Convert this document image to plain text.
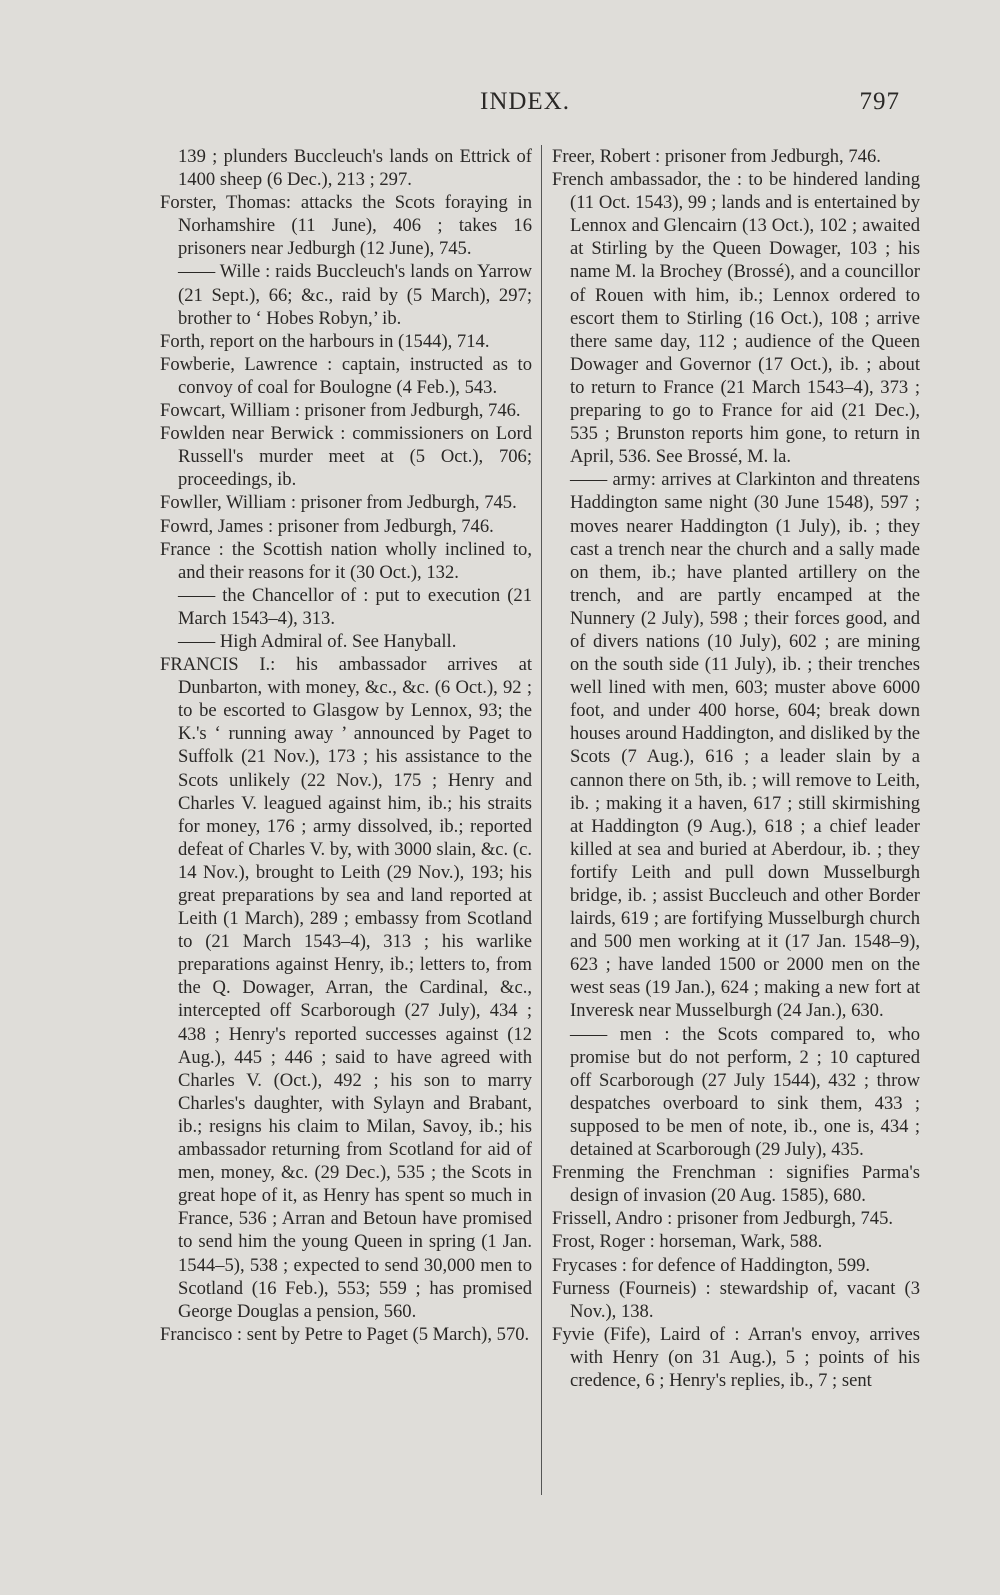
INDEX.	797

139 ; plunders Buccleuch's lands on Ettrick of 1400 sheep (6 Dec.), 213 ; 297.

Forster, Thomas: attacks the Scots foraying in Norhamshire (11 June), 406 ; takes 16 prisoners near Jedburgh (12 June), 745.

—— Wille : raids Buccleuch's lands on Yarrow (21 Sept.), 66; &c., raid by (5 March), 297; brother to ‘ Hobes Robyn,’ ib.

Forth, report on the harbours in (1544), 714.

Fowberie, Lawrence : captain, instructed as to convoy of coal for Boulogne (4 Feb.), 543.

Fowcart, William : prisoner from Jedburgh, 746.

Fowlden near Berwick : commissioners on Lord Russell's murder meet at (5 Oct.), 706; proceedings, ib.

Fowller, William : prisoner from Jedburgh, 745.

Fowrd, James : prisoner from Jedburgh, 746.

France : the Scottish nation wholly inclined to, and their reasons for it (30 Oct.), 132.

—— the Chancellor of : put to execution (21 March 1543–4), 313.

—— High Admiral of. See Hanyball.

FRANCIS I.: his ambassador arrives at Dunbarton, with money, &c., &c. (6 Oct.), 92 ; to be escorted to Glasgow by Lennox, 93; the K.'s ‘ running away ’ announced by Paget to Suffolk (21 Nov.), 173 ; his assistance to the Scots unlikely (22 Nov.), 175 ; Henry and Charles V. leagued against him, ib.; his straits for money, 176 ; army dissolved, ib.; reported defeat of Charles V. by, with 3000 slain, &c. (c. 14 Nov.), brought to Leith (29 Nov.), 193; his great preparations by sea and land reported at Leith (1 March), 289 ; embassy from Scotland to (21 March 1543–4), 313 ; his warlike preparations against Henry, ib.; letters to, from the Q. Dowager, Arran, the Cardinal, &c., intercepted off Scarborough (27 July), 434 ; 438 ; Henry's reported successes against (12 Aug.), 445 ; 446 ; said to have agreed with Charles V. (Oct.), 492 ; his son to marry Charles's daughter, with Sylayn and Brabant, ib.; resigns his claim to Milan, Savoy, ib.; his ambassador returning from Scotland for aid of men, money, &c. (29 Dec.), 535 ; the Scots in great hope of it, as Henry has spent so much in France, 536 ; Arran and Betoun have promised to send him the young Queen in spring (1 Jan. 1544–5), 538 ; expected to send 30,000 men to Scotland (16 Feb.), 553; 559 ; has promised George Douglas a pension, 560.

Francisco : sent by Petre to Paget (5 March), 570.

Freer, Robert : prisoner from Jedburgh, 746.

French ambassador, the : to be hindered landing (11 Oct. 1543), 99 ; lands and is entertained by Lennox and Glencairn (13 Oct.), 102 ; awaited at Stirling by the Queen Dowager, 103 ; his name M. la Brochey (Brossé), and a councillor of Rouen with him, ib.; Lennox ordered to escort them to Stirling (16 Oct.), 108 ; arrive there same day, 112 ; audience of the Queen Dowager and Governor (17 Oct.), ib. ; about to return to France (21 March 1543–4), 373 ; preparing to go to France for aid (21 Dec.), 535 ; Brunston reports him gone, to return in April, 536. See Brossé, M. la.

—— army: arrives at Clarkinton and threatens Haddington same night (30 June 1548), 597 ; moves nearer Haddington (1 July), ib. ; they cast a trench near the church and a sally made on them, ib.; have planted artillery on the trench, and are partly encamped at the Nunnery (2 July), 598 ; their forces good, and of divers nations (10 July), 602 ; are mining on the south side (11 July), ib. ; their trenches well lined with men, 603; muster above 6000 foot, and under 400 horse, 604; break down houses around Haddington, and disliked by the Scots (7 Aug.), 616 ; a leader slain by a cannon there on 5th, ib. ; will remove to Leith, ib. ; making it a haven, 617 ; still skirmishing at Haddington (9 Aug.), 618 ; a chief leader killed at sea and buried at Aberdour, ib. ; they fortify Leith and pull down Musselburgh bridge, ib. ; assist Buccleuch and other Border lairds, 619 ; are fortifying Musselburgh church and 500 men working at it (17 Jan. 1548–9), 623 ; have landed 1500 or 2000 men on the west seas (19 Jan.), 624 ; making a new fort at Inveresk near Musselburgh (24 Jan.), 630.

—— men : the Scots compared to, who promise but do not perform, 2 ; 10 captured off Scarborough (27 July 1544), 432 ; throw despatches overboard to sink them, 433 ; supposed to be men of note, ib., one is, 434 ; detained at Scarborough (29 July), 435.

Frenming the Frenchman : signifies Parma's design of invasion (20 Aug. 1585), 680.

Frissell, Andro : prisoner from Jedburgh, 745.

Frost, Roger : horseman, Wark, 588.

Frycases : for defence of Haddington, 599.

Furness (Fourneis) : stewardship of, vacant (3 Nov.), 138.

Fyvie (Fife), Laird of : Arran's envoy, arrives with Henry (on 31 Aug.), 5 ; points of his credence, 6 ; Henry's replies, ib., 7 ; sent
